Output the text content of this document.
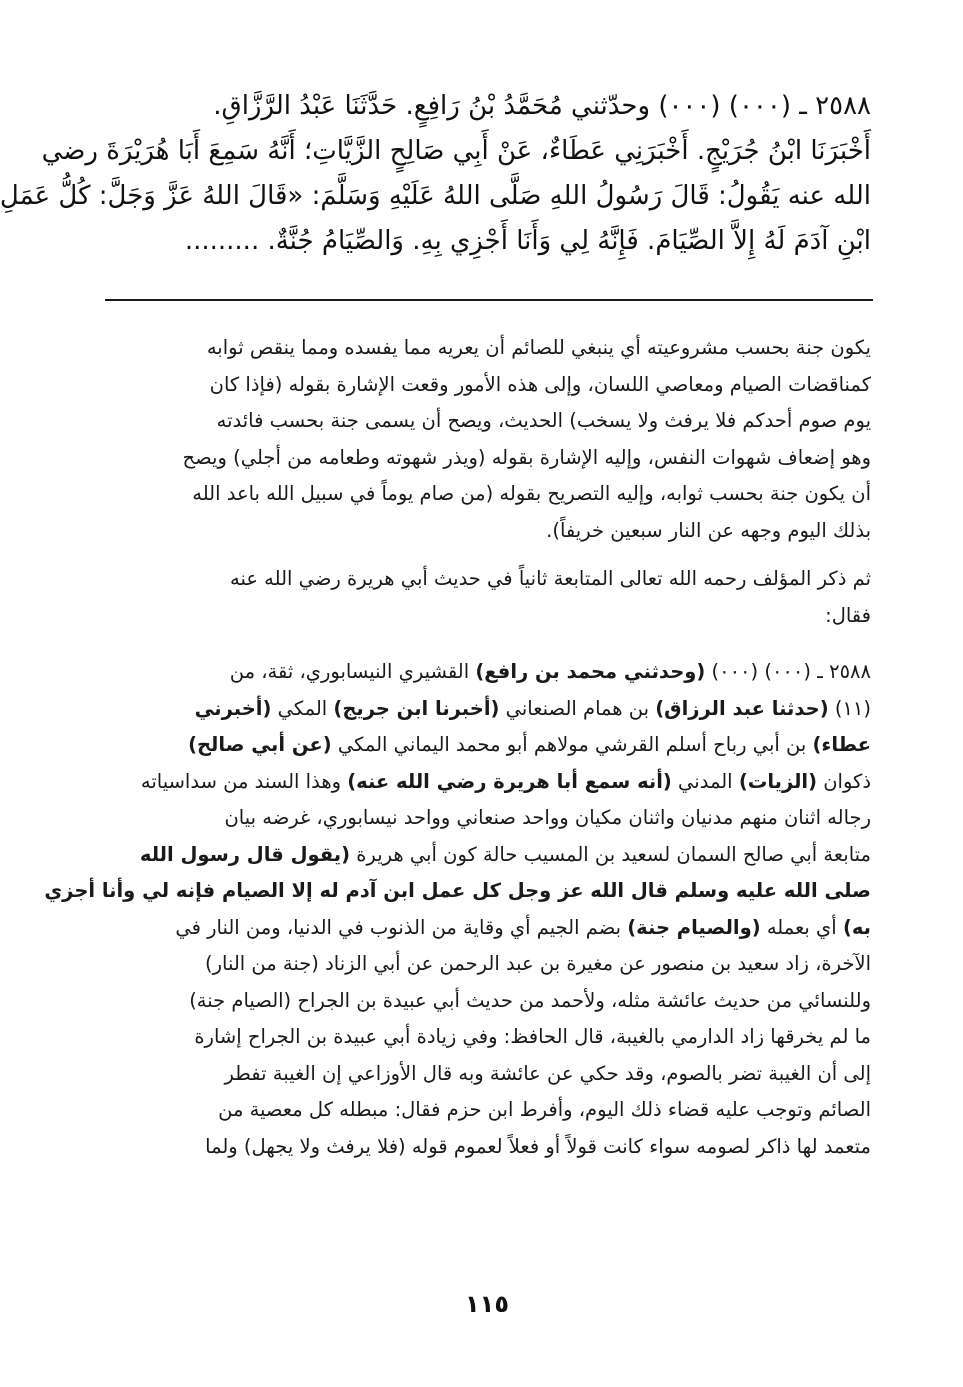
٢٥٨٨ ـ (٠٠٠) (٠٠٠) وحدّثني مُحَمَّدُ بْنُ رَافِعٍ. حَدَّثَنَا عَبْدُ الرَّزَّاقِ.
أَخْبَرَنَا ابْنُ جُرَيْجٍ. أَخْبَرَنِي عَطَاءٌ، عَنْ أَبِي صَالِحٍ الزَّيَّاتِ؛ أَنَّهُ سَمِعَ أَبَا هُرَيْرَةَ رضي
الله عنه يَقُولُ: قَالَ رَسُولُ اللهِ صَلَّى اللهُ عَلَيْهِ وَسَلَّمَ: «قَالَ اللهُ عَزَّ وَجَلَّ: كُلُّ عَمَلِ
ابْنِ آدَمَ لَهُ إِلاَّ الصِّيَامَ. فَإِنَّهُ لِي وَأَنَا أَجْزِي بِهِ. وَالصِّيَامُ جُنَّةٌ. .........
يكون جنة بحسب مشروعيته أي ينبغي للصائم أن يعريه مما يفسده ومما ينقص ثوابه
كمناقضات الصيام ومعاصي اللسان، وإلى هذه الأمور وقعت الإشارة بقوله (فإذا كان
يوم صوم أحدكم فلا يرفث ولا يسخب) الحديث، ويصح أن يسمى جنة بحسب فائدته
وهو إضعاف شهوات النفس، وإليه الإشارة بقوله (ويذر شهوته وطعامه من أجلي) ويصح
أن يكون جنة بحسب ثوابه، وإليه التصريح بقوله (من صام يوماً في سبيل الله باعد الله
بذلك اليوم وجهه عن النار سبعين خريفاً).
ثم ذكر المؤلف رحمه الله تعالى المتابعة ثانياً في حديث أبي هريرة رضي الله عنه
فقال:
٢٥٨٨ ـ (٠٠٠) (٠٠٠) (وحدثني محمد بن رافع) القشيري النيسابوري، ثقة، من
(١١) (حدثنا عبد الرزاق) بن همام الصنعاني (أخبرنا ابن جريج) المكي (أخبرني
عطاء) بن أبي رباح أسلم القرشي مولاهم أبو محمد اليماني المكي (عن أبي صالح)
ذكوان (الزيات) المدني (أنه سمع أبا هريرة رضي الله عنه) وهذا السند من سداسياته
رجاله اثنان منهم مدنيان واثنان مكيان وواحد صنعاني وواحد نيسابوري، غرضه بيان
متابعة أبي صالح السمان لسعيد بن المسيب حالة كون أبي هريرة (يقول قال رسول الله
صلى الله عليه وسلم قال الله عز وجل كل عمل ابن آدم له إلا الصيام فإنه لي وأنا أجزي
به) أي بعمله (والصيام جنة) بضم الجيم أي وقاية من الذنوب في الدنيا، ومن النار في
الآخرة، زاد سعيد بن منصور عن مغيرة بن عبد الرحمن عن أبي الزناد (جنة من النار)
وللنسائي من حديث عائشة مثله، ولأحمد من حديث أبي عبيدة بن الجراح (الصيام جنة)
ما لم يخرقها زاد الدارمي بالغيبة، قال الحافظ: وفي زيادة أبي عبيدة بن الجراح إشارة
إلى أن الغيبة تضر بالصوم، وقد حكي عن عائشة وبه قال الأوزاعي إن الغيبة تفطر
الصائم وتوجب عليه قضاء ذلك اليوم، وأفرط ابن حزم فقال: مبطله كل معصية من
متعمد لها ذاكر لصومه سواء كانت قولاً أو فعلاً لعموم قوله (فلا يرفث ولا يجهل) ولما
١١٥
